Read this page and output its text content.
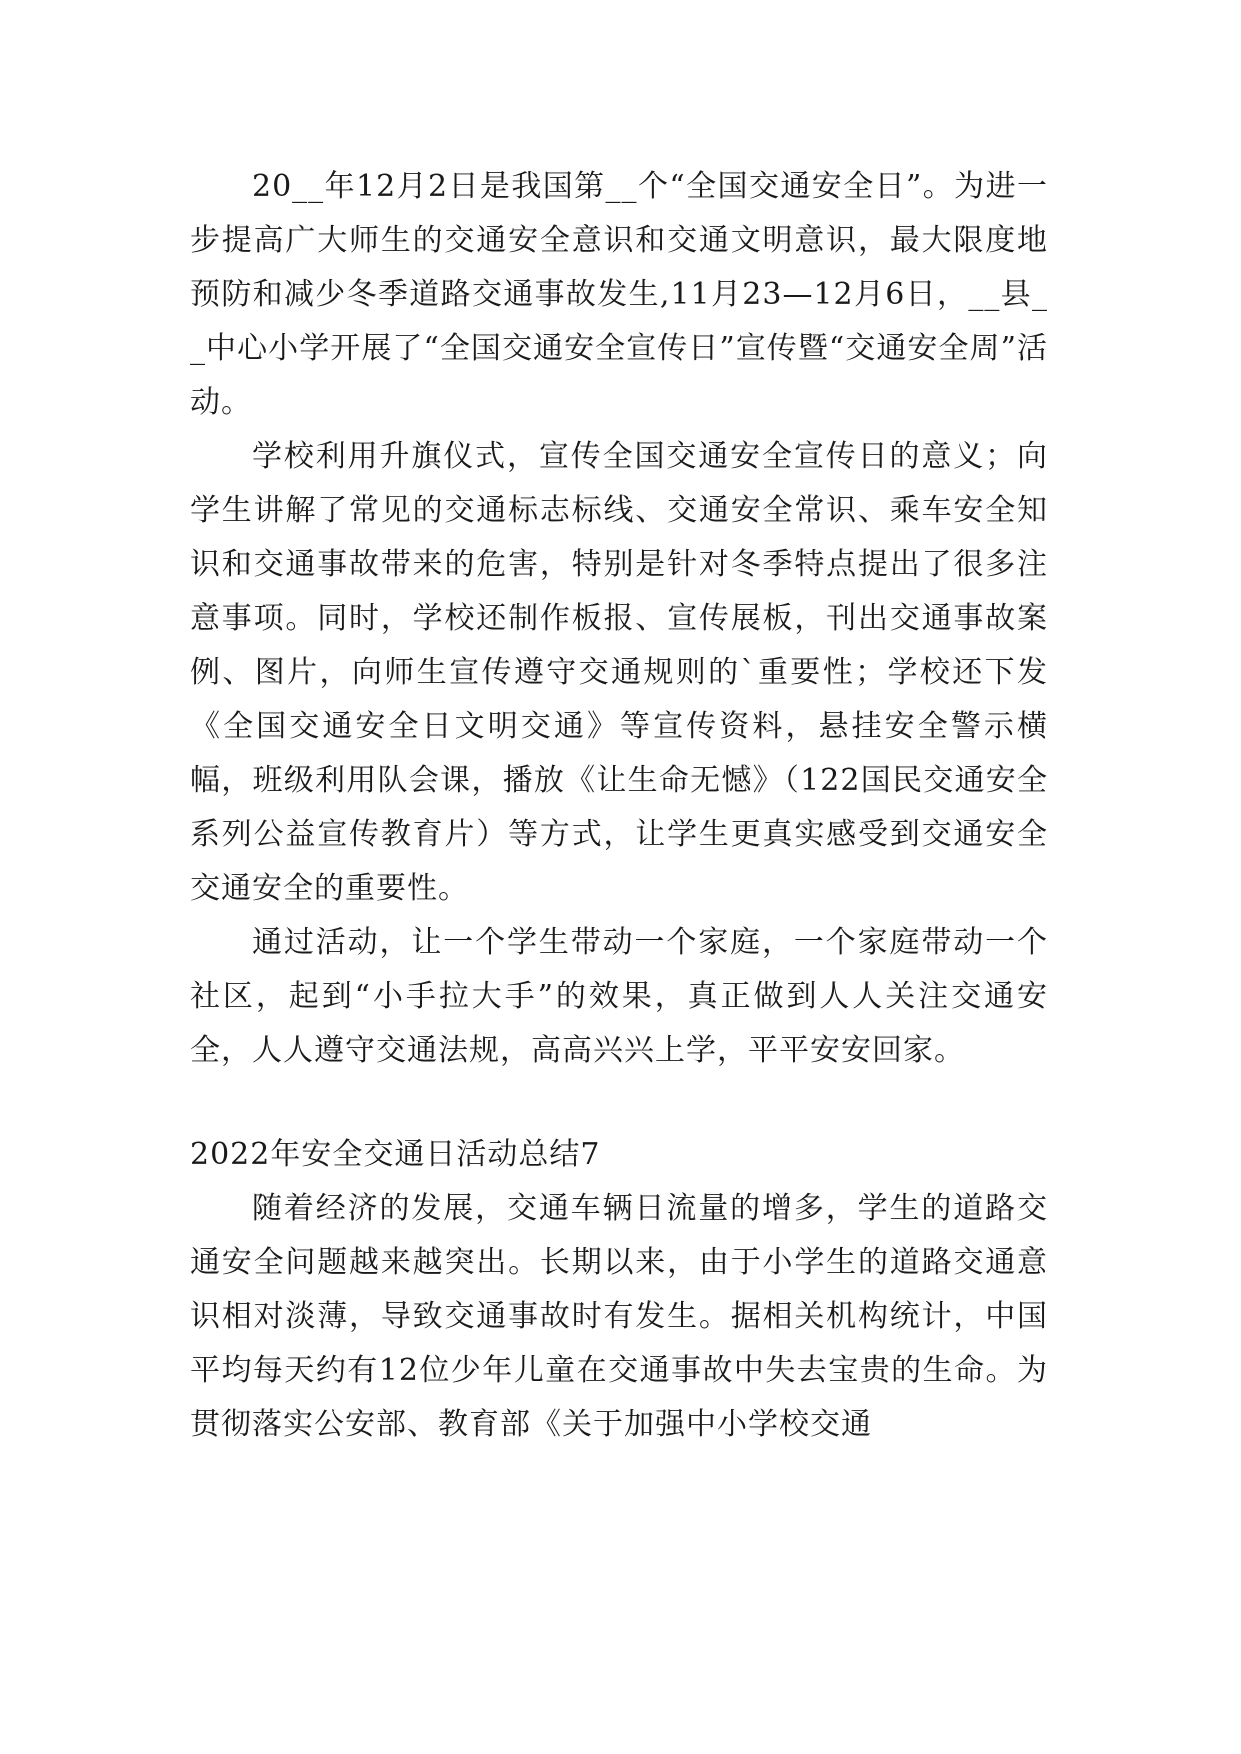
20__年12月2日是我国第__个“全国交通安全日”。为进一步提高广大师生的交通安全意识和交通文明意识，最大限度地预防和减少冬季道路交通事故发生,11月23—12月6日，__县__中心小学开展了“全国交通安全宣传日”宣传暨“交通安全周”活动。

学校利用升旗仪式，宣传全国交通安全宣传日的意义；向学生讲解了常见的交通标志标线、交通安全常识、乘车安全知识和交通事故带来的危害，特别是针对冬季特点提出了很多注意事项。同时，学校还制作板报、宣传展板，刊出交通事故案例、图片，向师生宣传遵守交通规则的`重要性；学校还下发《全国交通安全日文明交通》等宣传资料，悬挂安全警示横幅，班级利用队会课，播放《让生命无憾》（122国民交通安全系列公益宣传教育片）等方式，让学生更真实感受到交通安全交通安全的重要性。

通过活动，让一个学生带动一个家庭，一个家庭带动一个社区，起到“小手拉大手”的效果，真正做到人人关注交通安全，人人遵守交通法规，高高兴兴上学，平平安安回家。

2022年安全交通日活动总结7

随着经济的发展，交通车辆日流量的增多，学生的道路交通安全问题越来越突出。长期以来，由于小学生的道路交通意识相对淡薄，导致交通事故时有发生。据相关机构统计，中国平均每天约有12位少年儿童在交通事故中失去宝贵的生命。为贯彻落实公安部、教育部《关于加强中小学校交通
